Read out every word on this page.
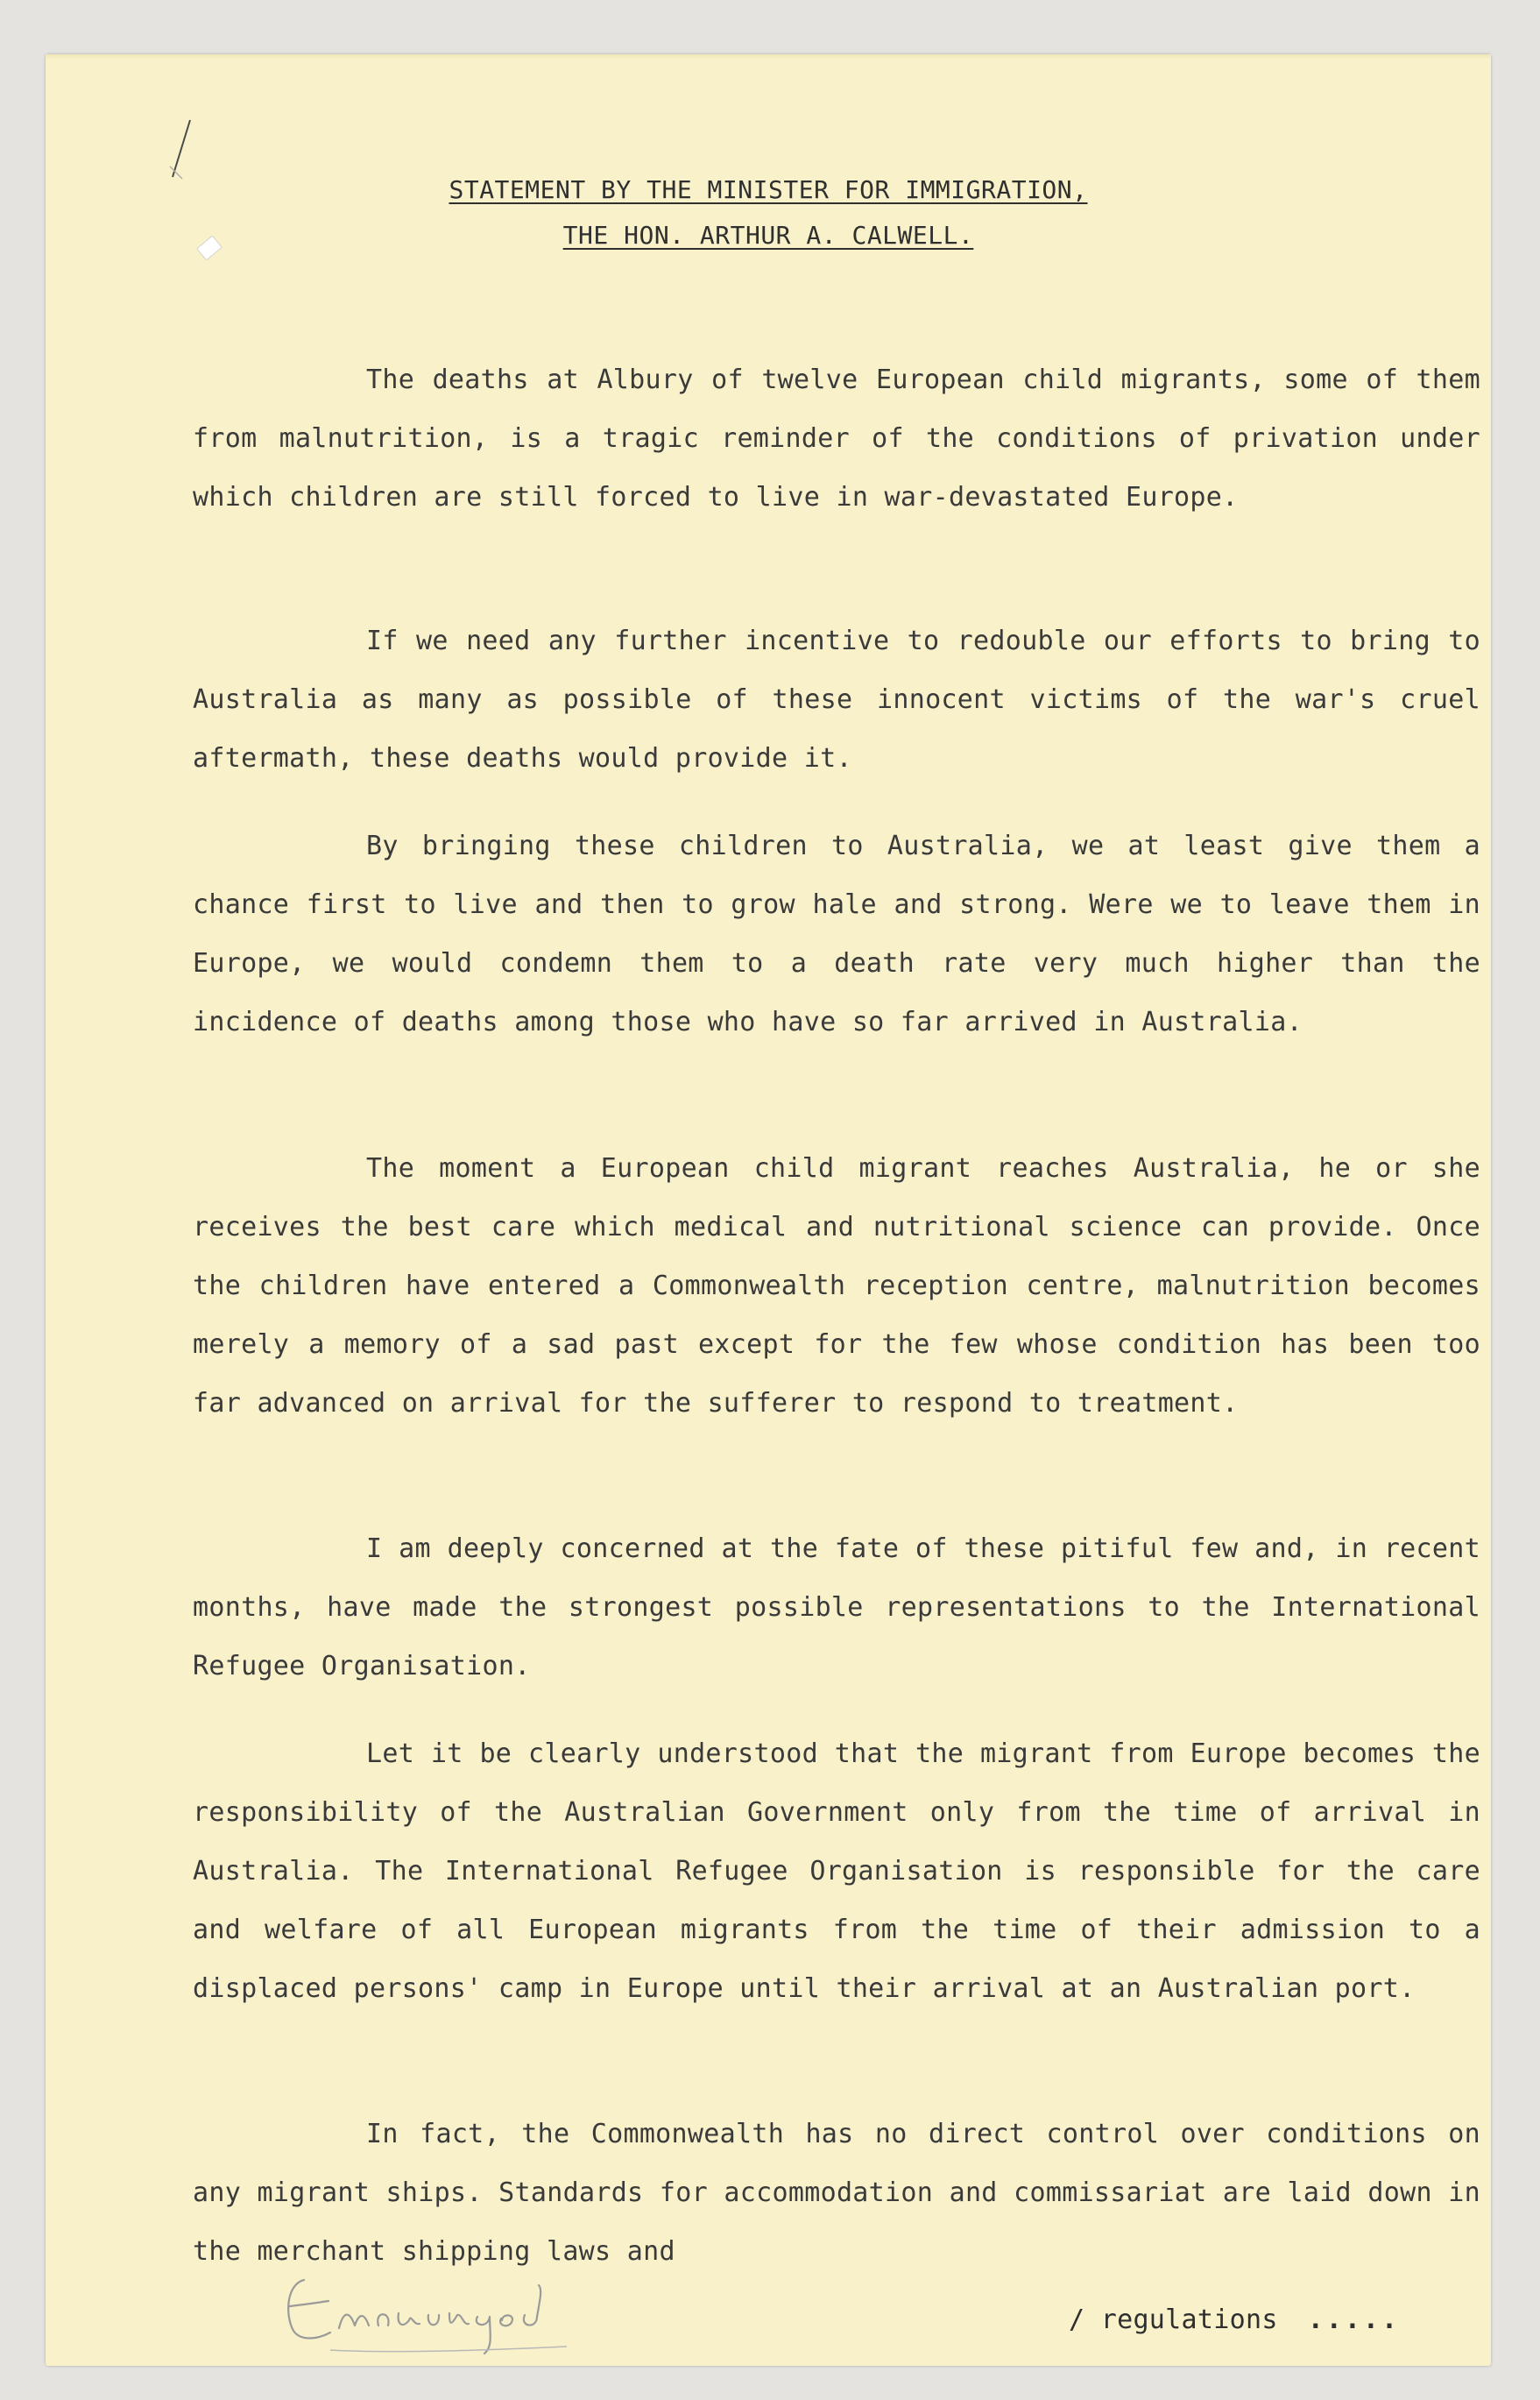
STATEMENT BY THE MINISTER FOR IMMIGRATION,
THE HON. ARTHUR A. CALWELL.

The deaths at Albury of twelve European child migrants, some of them from malnutrition, is a tragic reminder of the conditions of privation under which children are still forced to live in war-devastated Europe.

If we need any further incentive to redouble our efforts to bring to Australia as many as possible of these innocent victims of the war's cruel aftermath, these deaths would provide it.

By bringing these children to Australia, we at least give them a chance first to live and then to grow hale and strong. Were we to leave them in Europe, we would condemn them to a death rate very much higher than the incidence of deaths among those who have so far arrived in Australia.

The moment a European child migrant reaches Australia, he or she receives the best care which medical and nutritional science can provide. Once the children have entered a Commonwealth reception centre, malnutrition becomes merely a memory of a sad past except for the few whose condition has been too far advanced on arrival for the sufferer to respond to treatment.

I am deeply concerned at the fate of these pitiful few and, in recent months, have made the strongest possible representations to the International Refugee Organisation.

Let it be clearly understood that the migrant from Europe becomes the responsibility of the Australian Government only from the time of arrival in Australia. The International Refugee Organisation is responsible for the care and welfare of all European migrants from the time of their admission to a displaced persons' camp in Europe until their arrival at an Australian port.

In fact, the Commonwealth has no direct control over conditions on any migrant ships. Standards for accommodation and commissariat are laid down in the merchant shipping laws and

/ regulations .....
